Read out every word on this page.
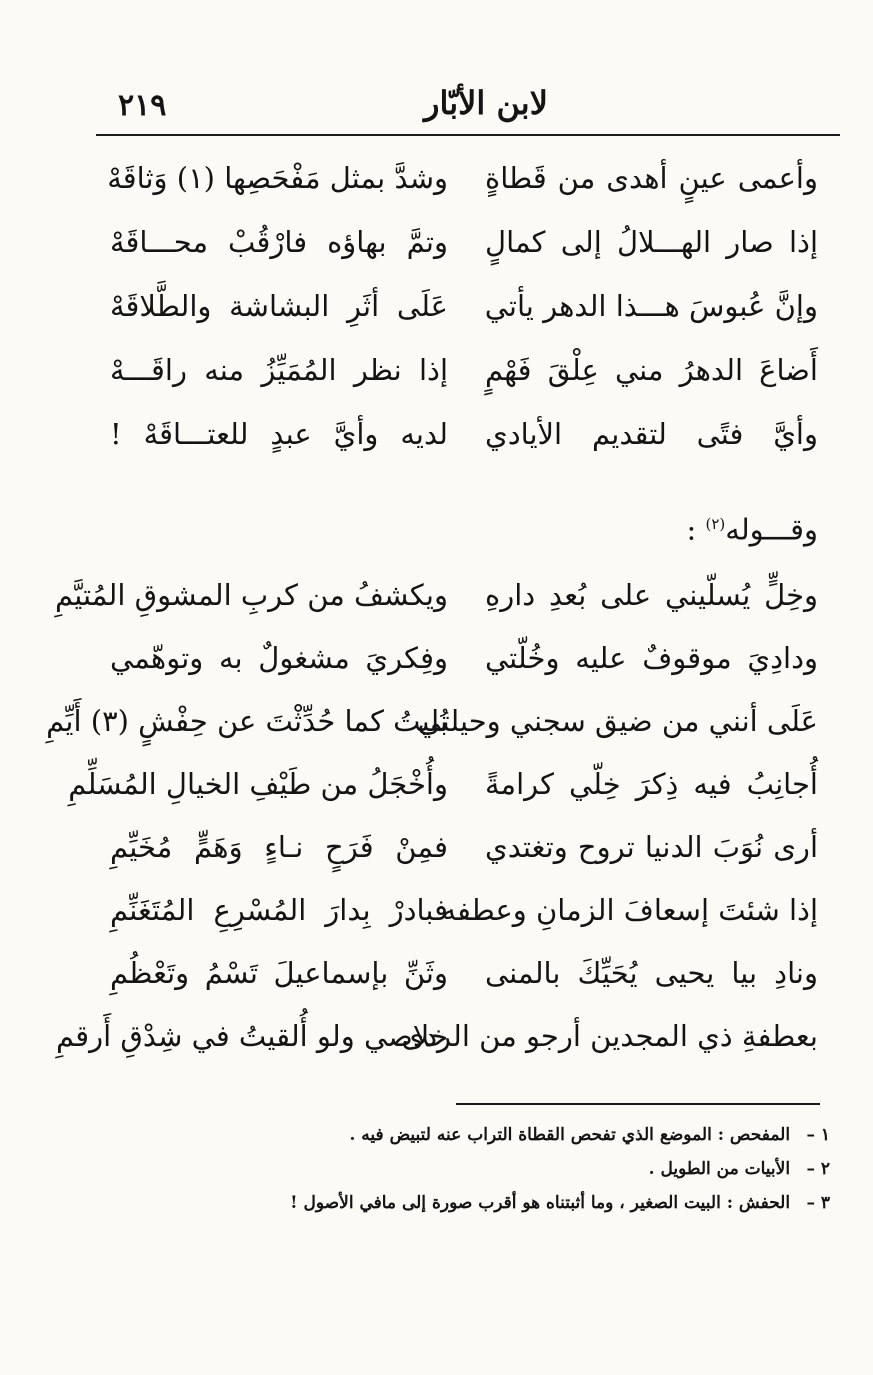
٢١٩	لابن الأبّار
وأعمى عينٍ أهدى من قَطاةٍ
وشدَّ بمثل مَفْحَصِها (١) وَثاقَهْ
إذا صار الهـــلالُ إلى كمالٍ
وتمَّ بهاؤه فارْقُبْ محـــاقَهْ
وإنَّ عُبوسَ هـــذا الدهر يأتي
عَلَى أثَرِ البشاشة والطَّلاقَهْ
أَضاعَ الدهرُ مني عِلْقَ فَهْمٍ
إذا نظر المُمَيِّزُ منه راقَـــهْ
وأيَّ فتًى لتقديم الأيادي
لديه وأيَّ عبدٍ للعتـــاقَهْ !
وقـــوله$^{(٢)}$ :
وخِلٍّ يُسلّيني على بُعدِ دارهِ
ويكشفُ من كربِ المشوقِ المُتيَّمِ
ودادِيَ موقوفٌ عليه وخُلّتي
وفِكريَ مشغولٌ به وتوهّمي
عَلَى أنني من ضيق سجني وحيلتي
بُليتُ كما حُدِّثْتَ عن حِفْشٍ (٣) أَيِّمِ
أُجانِبُ فيه ذِكرَ خِلّي كرامةً
وأُخْجَلُ من طَيْفِ الخيالِ المُسَلِّمِ
أرى نُوَبَ الدنيا تروح وتغتدي
فمِنْ فَرَحٍ نـاءٍ وَهَمٍّ مُخَيِّمِ
إذا شئتَ إسعافَ الزمانِ وعطفه
فبادرْ بِدارَ المُسْرِعِ المُتَغَنِّمِ
ونادِ بيا يحيى يُحَيِّكَ بالمنى
وثَنِّ بإسماعيلَ تَسْمُ وتَعْظُمِ
بعطفةِ ذي المجدين أرجو من الردى
خلاصي ولو أُلقيتُ في شِدْقِ أَرقمِ
١ – المفحص : الموضع الذي تفحص القطاة التراب عنه لتبيض فيه .
٢ – الأبيات من الطويل .
٣ – الحفش : البيت الصغير ، وما أثبتناه هو أقرب صورة إلى مافي الأصول !
